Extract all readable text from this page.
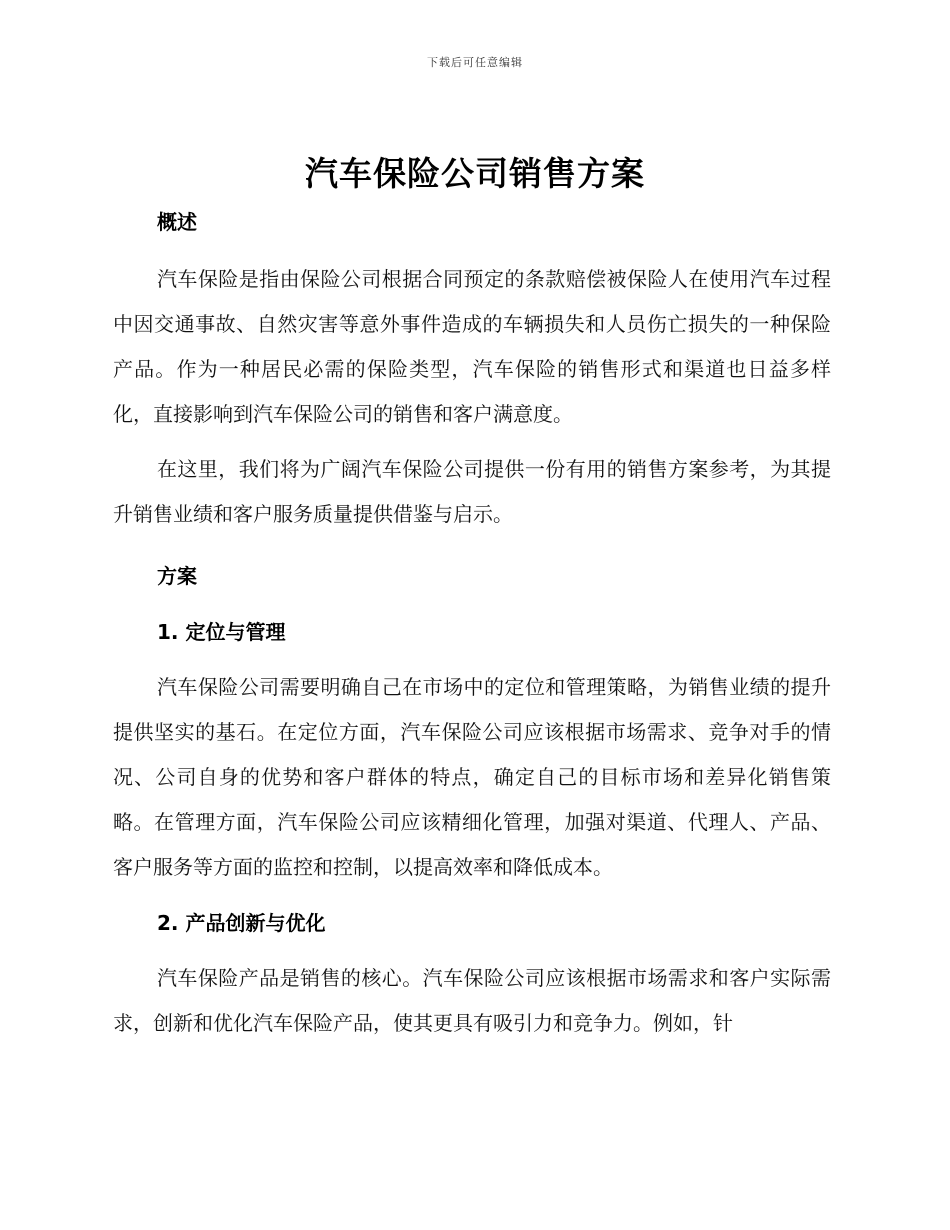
下载后可任意编辑
汽车保险公司销售方案

概述

汽车保险是指由保险公司根据合同预定的条款赔偿被保险人在使用汽车过程中因交通事故、自然灾害等意外事件造成的车辆损失和人员伤亡损失的一种保险产品。作为一种居民必需的保险类型，汽车保险的销售形式和渠道也日益多样化，直接影响到汽车保险公司的销售和客户满意度。

在这里，我们将为广阔汽车保险公司提供一份有用的销售方案参考，为其提升销售业绩和客户服务质量提供借鉴与启示。

方案

1. 定位与管理

汽车保险公司需要明确自己在市场中的定位和管理策略，为销售业绩的提升提供坚实的基石。在定位方面，汽车保险公司应该根据市场需求、竞争对手的情况、公司自身的优势和客户群体的特点，确定自己的目标市场和差异化销售策略。在管理方面，汽车保险公司应该精细化管理，加强对渠道、代理人、产品、客户服务等方面的监控和控制，以提高效率和降低成本。

2. 产品创新与优化

汽车保险产品是销售的核心。汽车保险公司应该根据市场需求和客户实际需求，创新和优化汽车保险产品，使其更具有吸引力和竞争力。例如，针
